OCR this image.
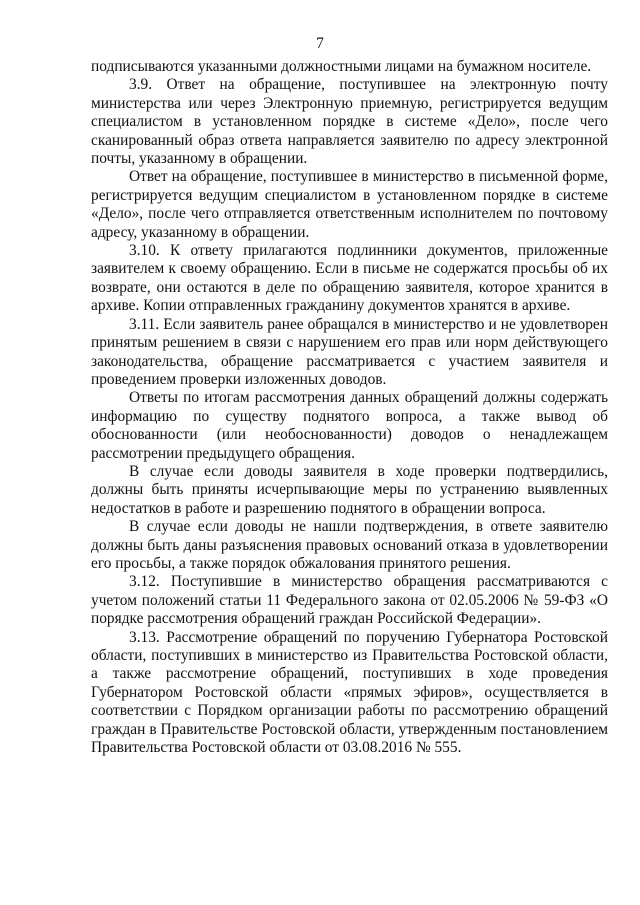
7

подписываются указанными должностными лицами на бумажном носителе.

3.9. Ответ на обращение, поступившее на электронную почту министерства или через Электронную приемную, регистрируется ведущим специалистом в установленном порядке в системе «Дело», после чего сканированный образ ответа направляется заявителю по адресу электронной почты, указанному в обращении.

Ответ на обращение, поступившее в министерство в письменной форме, регистрируется ведущим специалистом в установленном порядке в системе «Дело», после чего отправляется ответственным исполнителем по почтовому адресу, указанному в обращении.

3.10. К ответу прилагаются подлинники документов, приложенные заявителем к своему обращению. Если в письме не содержатся просьбы об их возврате, они остаются в деле по обращению заявителя, которое хранится в архиве. Копии отправленных гражданину документов хранятся в архиве.

3.11. Если заявитель ранее обращался в министерство и не удовлетворен принятым решением в связи с нарушением его прав или норм действующего законодательства, обращение рассматривается с участием заявителя и проведением проверки изложенных доводов.

Ответы по итогам рассмотрения данных обращений должны содержать информацию по существу поднятого вопроса, а также вывод об обоснованности (или необоснованности) доводов о ненадлежащем рассмотрении предыдущего обращения.

В случае если доводы заявителя в ходе проверки подтвердились, должны быть приняты исчерпывающие меры по устранению выявленных недостатков в работе и разрешению поднятого в обращении вопроса.

В случае если доводы не нашли подтверждения, в ответе заявителю должны быть даны разъяснения правовых оснований отказа в удовлетворении его просьбы, а также порядок обжалования принятого решения.

3.12. Поступившие в министерство обращения рассматриваются с учетом положений статьи 11 Федерального закона от 02.05.2006 № 59-ФЗ «О порядке рассмотрения обращений граждан Российской Федерации».

3.13. Рассмотрение обращений по поручению Губернатора Ростовской области, поступивших в министерство из Правительства Ростовской области, а также рассмотрение обращений, поступивших в ходе проведения Губернатором Ростовской области «прямых эфиров», осуществляется в соответствии с Порядком организации работы по рассмотрению обращений граждан в Правительстве Ростовской области, утвержденным постановлением Правительства Ростовской области от 03.08.2016 № 555.
